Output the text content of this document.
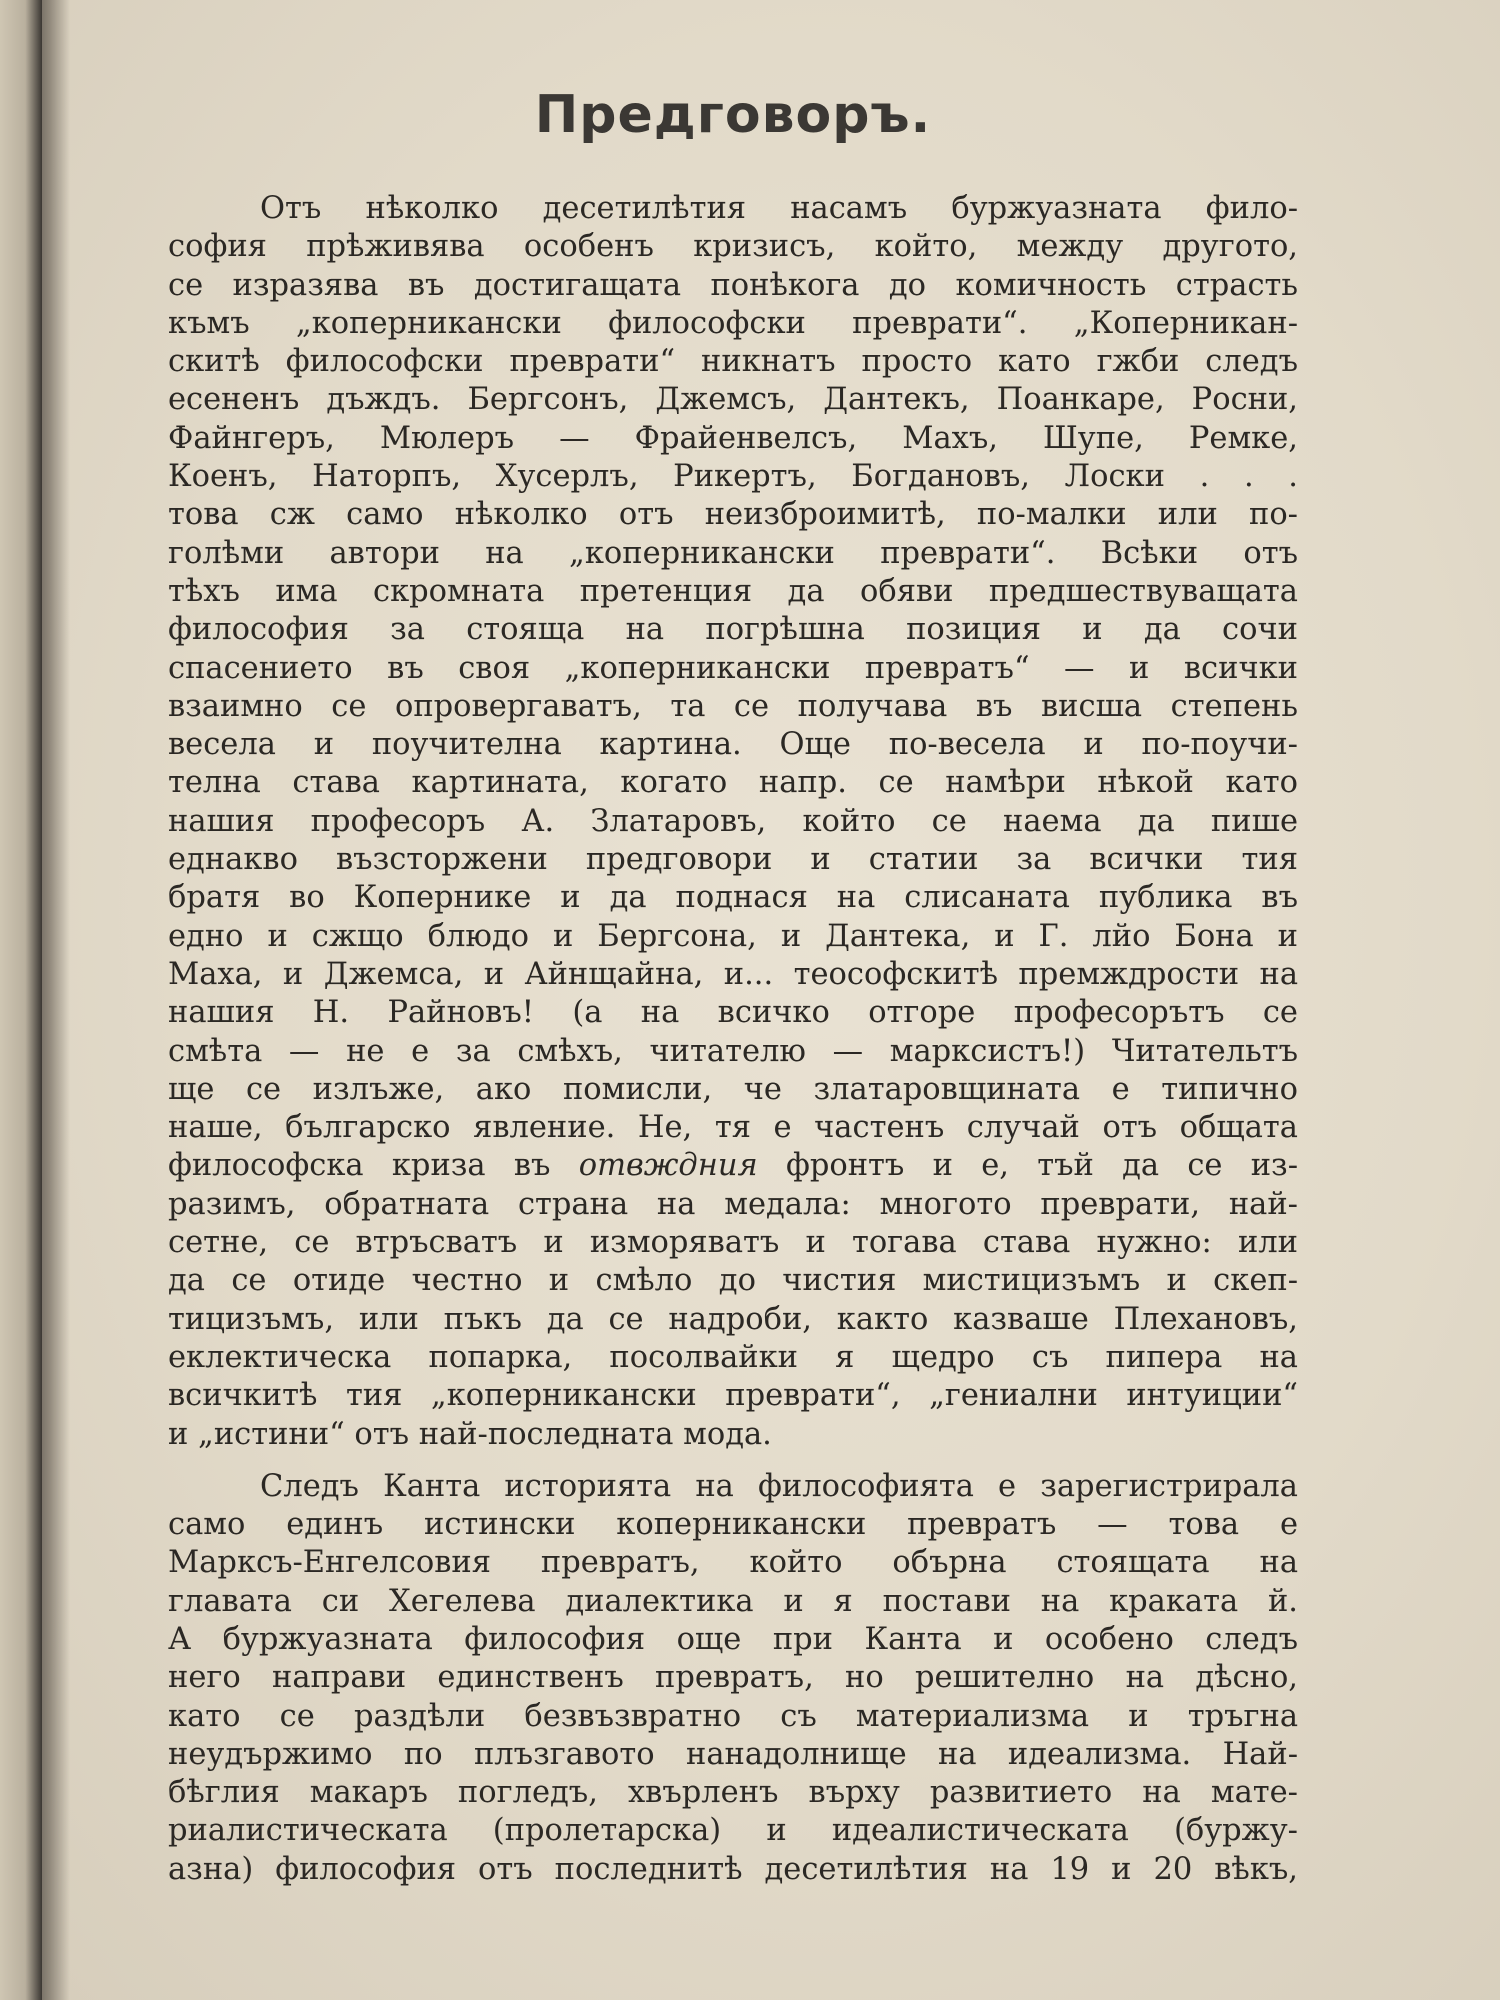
Предговоръ.
Отъ нѣколко десетилѣтия насамъ буржуазната фило-
софия прѣживява особенъ кризисъ, който, между другото,
се изразява въ достигащата понѣкога до комичность страсть
къмъ „коперникански философски преврати“. „Коперникан-
скитѣ философски преврати“ никнатъ просто като гжби следъ
есененъ дъждъ. Бергсонъ, Джемсъ, Дантекъ, Поанкаре, Росни,
Файнгеръ, Мюлеръ — Фрайенвелсъ, Махъ, Шупе, Ремке,
Коенъ, Наторпъ, Хусерлъ, Рикертъ, Богдановъ, Лоски . . .
това сж само нѣколко отъ неизброимитѣ, по-малки или по-
голѣми автори на „коперникански преврати“. Всѣки отъ
тѣхъ има скромната претенция да обяви предшествуващата
философия за стояща на погрѣшна позиция и да сочи
спасението въ своя „коперникански превратъ“ — и всички
взаимно се опровергаватъ, та се получава въ висша степень
весела и поучителна картина. Още по-весела и по-поучи-
телна става картината, когато напр. се намѣри нѣкой като
нашия професоръ А. Златаровъ, който се наема да пише
еднакво възсторжени предговори и статии за всички тия
братя во Копернике и да поднася на слисаната публика въ
едно и сжщо блюдо и Бергсона, и Дантека, и Г. лйо Бона и
Маха, и Джемса, и Айнщайна, и... теософскитѣ премждрости на
нашия Н. Райновъ! (а на всичко отгоре професорътъ се
смѣта — не е за смѣхъ, читателю — марксистъ!) Читательтъ
ще се излъже, ако помисли, че златаровщината е типично
наше, българско явление. Не, тя е частенъ случай отъ общата
философска криза въ отвждния фронтъ и е, тъй да се из-
разимъ, обратната страна на медала: многото преврати, най-
сетне, се втръсватъ и изморяватъ и тогава става нужно: или
да се отиде честно и смѣло до чистия мистицизъмъ и скеп-
тицизъмъ, или пъкъ да се надроби, както казваше Плехановъ,
еклектическа попарка, посолвайки я щедро съ пипера на
всичкитѣ тия „коперникански преврати“, „гениални интуиции“
и „истини“ отъ най-последната мода.
Следъ Канта историята на философията е зарегистрирала
само единъ истински коперникански превратъ — това е
Марксъ-Енгелсовия превратъ, който обърна стоящата на
главата си Хегелева диалектика и я постави на краката й.
А буржуазната философия още при Канта и особено следъ
него направи единственъ превратъ, но решително на дѣсно,
като се раздѣли безвъзвратно съ материализма и тръгна
неудържимо по плъзгавото нанадолнище на идеализма. Най-
бѣглия макаръ погледъ, хвърленъ върху развитието на мате-
риалистическата (пролетарска) и идеалистическата (буржу-
азна) философия отъ последнитѣ десетилѣтия на 19 и 20 вѣкъ,
